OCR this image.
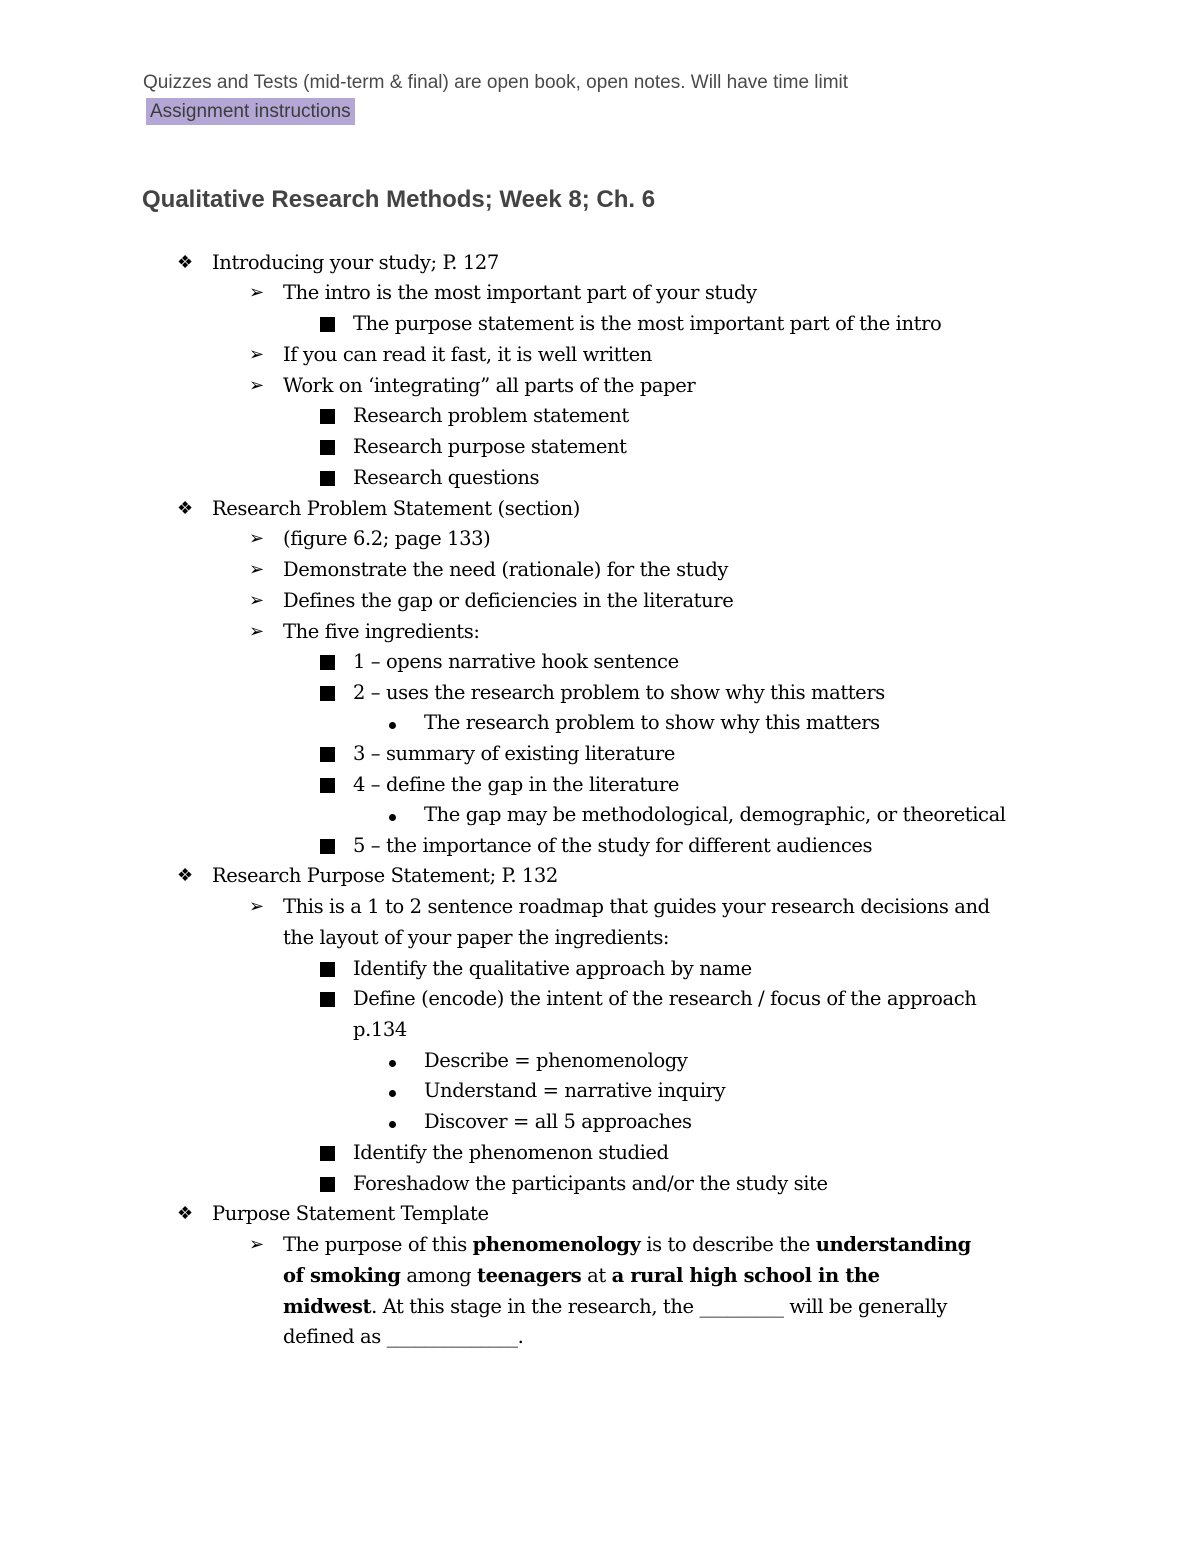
Quizzes and Tests (mid-term & final) are open book, open notes. Will have time limit
Assignment instructions
Qualitative Research Methods; Week 8; Ch. 6
❖ Introducing your study; P. 127
➢ The intro is the most important part of your study
The purpose statement is the most important part of the intro
➢ If you can read it fast, it is well written
➢ Work on ‘integrating” all parts of the paper
Research problem statement
Research purpose statement
Research questions
❖ Research Problem Statement (section)
➢ (figure 6.2; page 133)
➢ Demonstrate the need (rationale) for the study
➢ Defines the gap or deficiencies in the literature
➢ The five ingredients:
1 – opens narrative hook sentence
2 – uses the research problem to show why this matters
The research problem to show why this matters
3 – summary of existing literature
4 – define the gap in the literature
The gap may be methodological, demographic, or theoretical
5 – the importance of the study for different audiences
❖ Research Purpose Statement; P. 132
➢ This is a 1 to 2 sentence roadmap that guides your research decisions and
the layout of your paper the ingredients:
Identify the qualitative approach by name
Define (encode) the intent of the research / focus of the approach
p.134
Describe = phenomenology
Understand = narrative inquiry
Discover = all 5 approaches
Identify the phenomenon studied
Foreshadow the participants and/or the study site
❖ Purpose Statement Template
➢ The purpose of this phenomenology is to describe the understanding
of smoking among teenagers at a rural high school in the
midwest. At this stage in the research, the _________ will be generally
defined as ______________.
